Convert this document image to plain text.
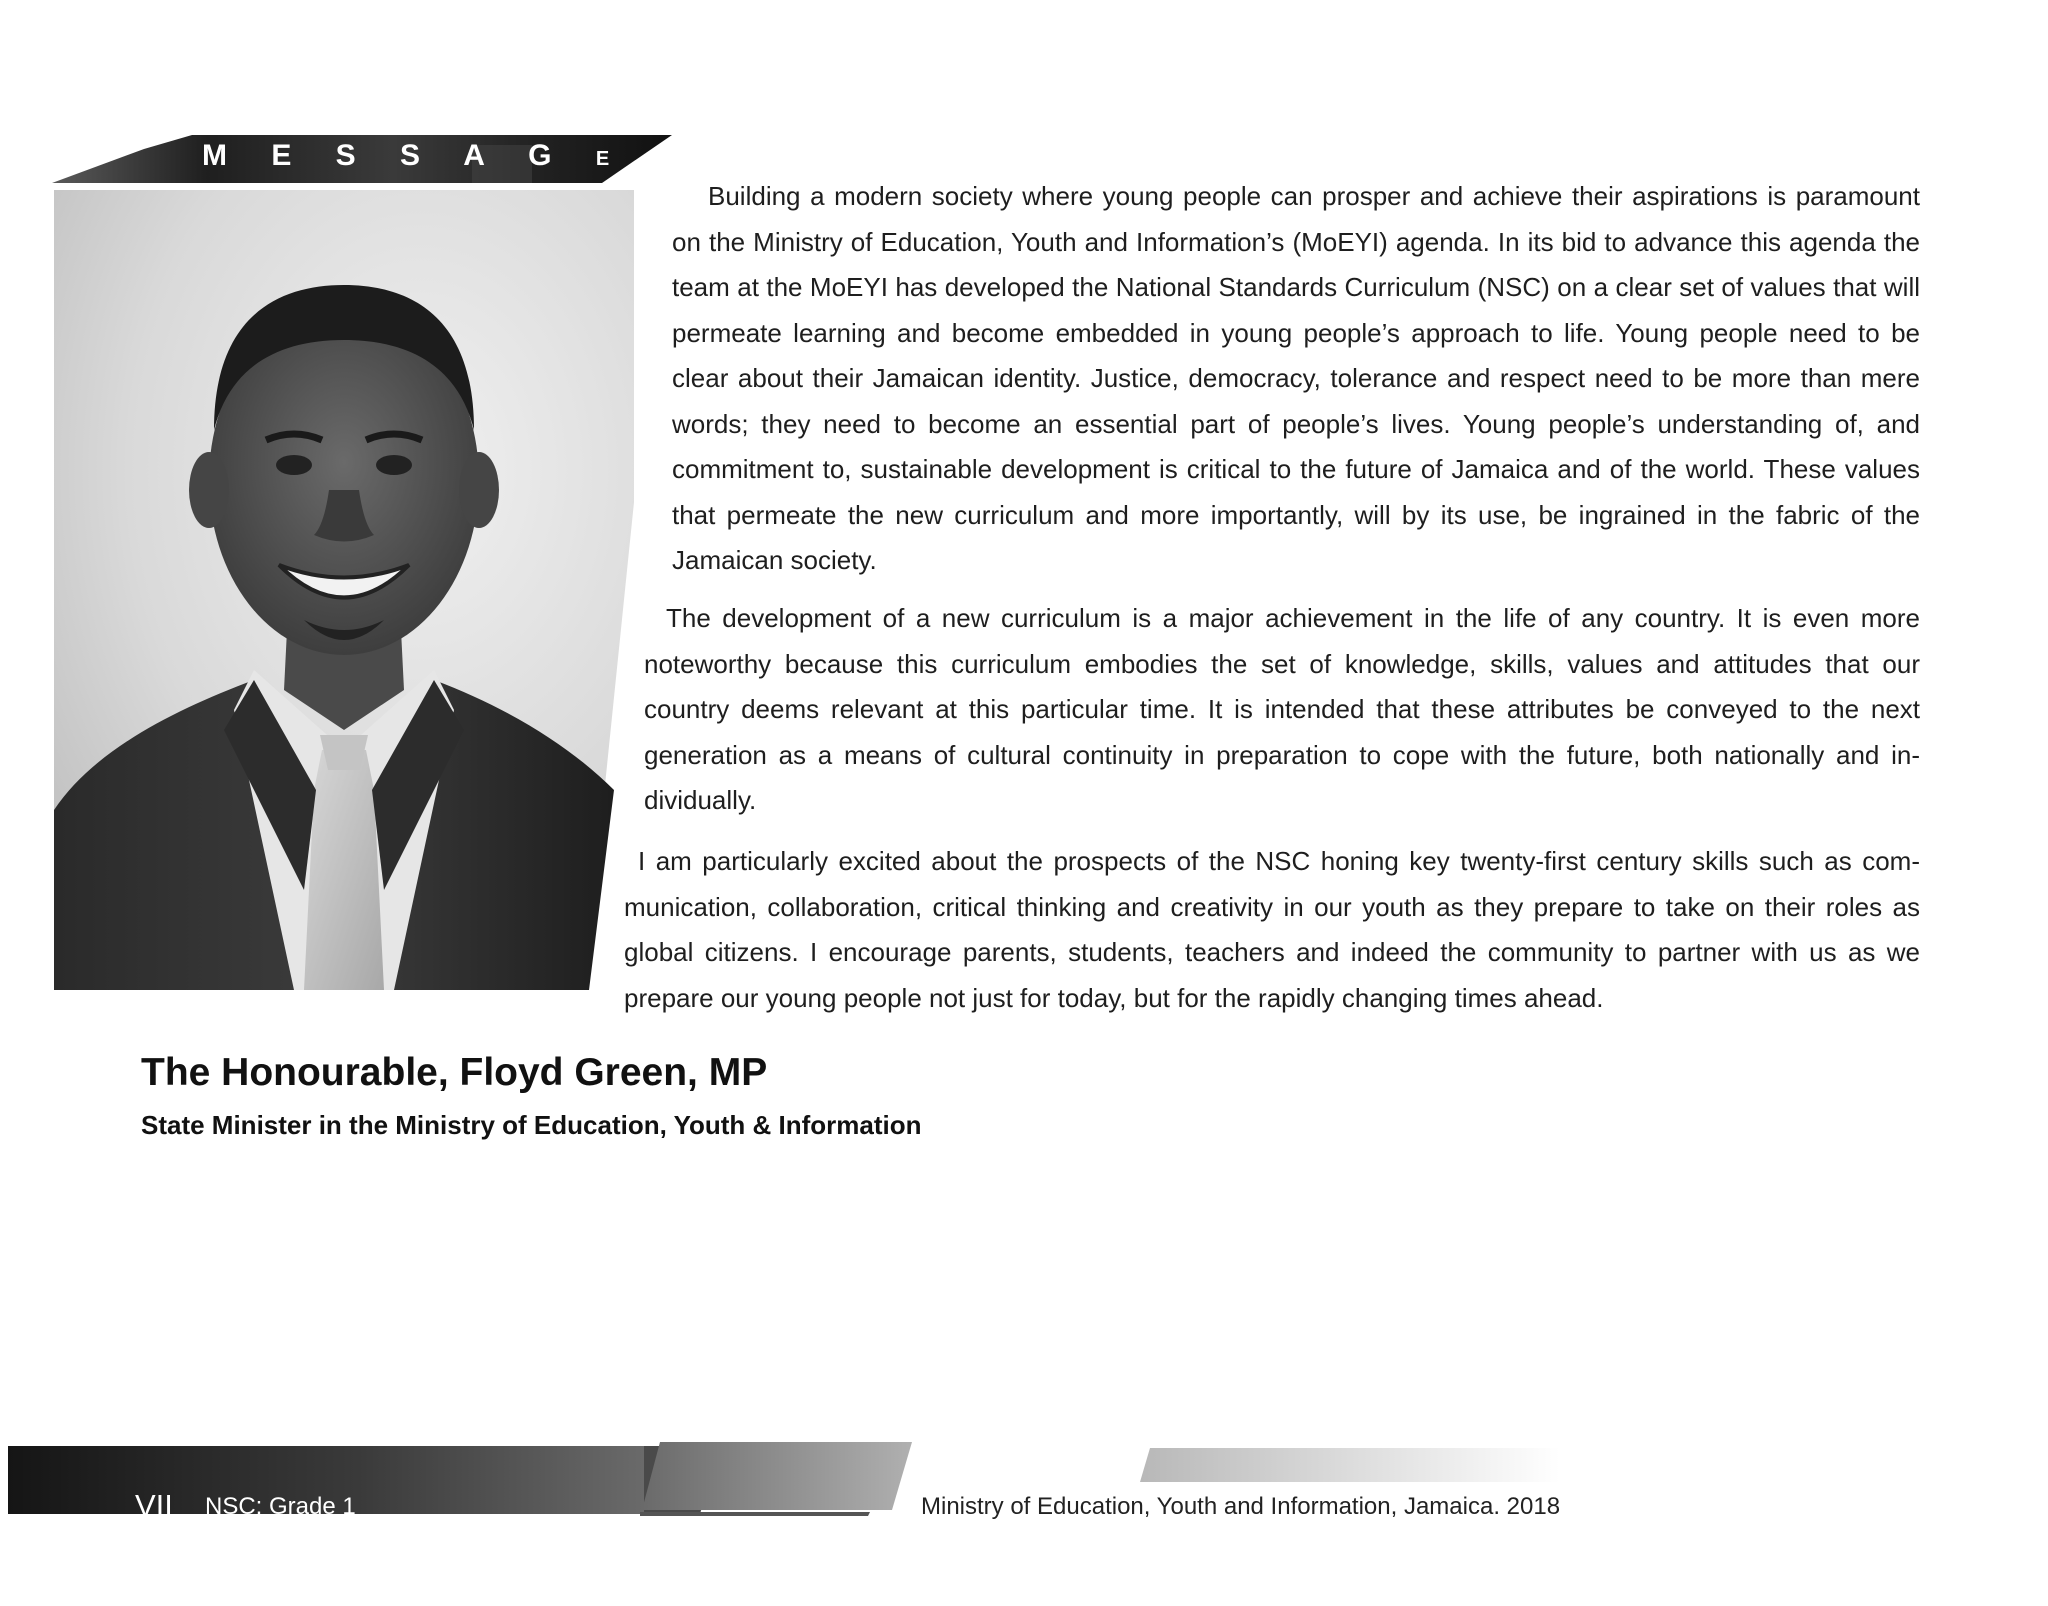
M E S S A G E

Building a modern society where young people can prosper and achieve their aspirations is paramount on the Ministry of Education, Youth and Information’s (MoEYI) agenda. In its bid to advance this agenda the team at the MoEYI has developed the National Standards Curriculum (NSC) on a clear set of values that will permeate learning and become embedded in young people’s approach to life. Young people need to be clear about their Jamaican identity. Justice, democracy, tolerance and respect need to be more than mere words; they need to become an essential part of people’s lives. Young people’s understanding of, and commitment to, sustainable development is critical to the future of Jamaica and of the world. These values that permeate the new curriculum and more importantly, will by its use, be ingrained in the fabric of the Jamaican society.

The development of a new curriculum is a major achievement in the life of any country. It is even more noteworthy because this curriculum embodies the set of knowledge, skills, values and attitudes that our country deems relevant at this particular time. It is intended that these attributes be conveyed to the next generation as a means of cultural continuity in preparation to cope with the future, both nationally and in-dividually.

I am particularly excited about the prospects of the NSC honing key twenty-first century skills such as com-munication, collaboration, critical thinking and creativity in our youth as they prepare to take on their roles as global citizens. I encourage parents, students, teachers and indeed the community to partner with us as we prepare our young people not just for today, but for the rapidly changing times ahead.

The Honourable, Floyd Green, MP
State Minister in the Ministry of Education, Youth & Information
VII NSC: Grade 1	Ministry of Education, Youth and Information, Jamaica. 2018
